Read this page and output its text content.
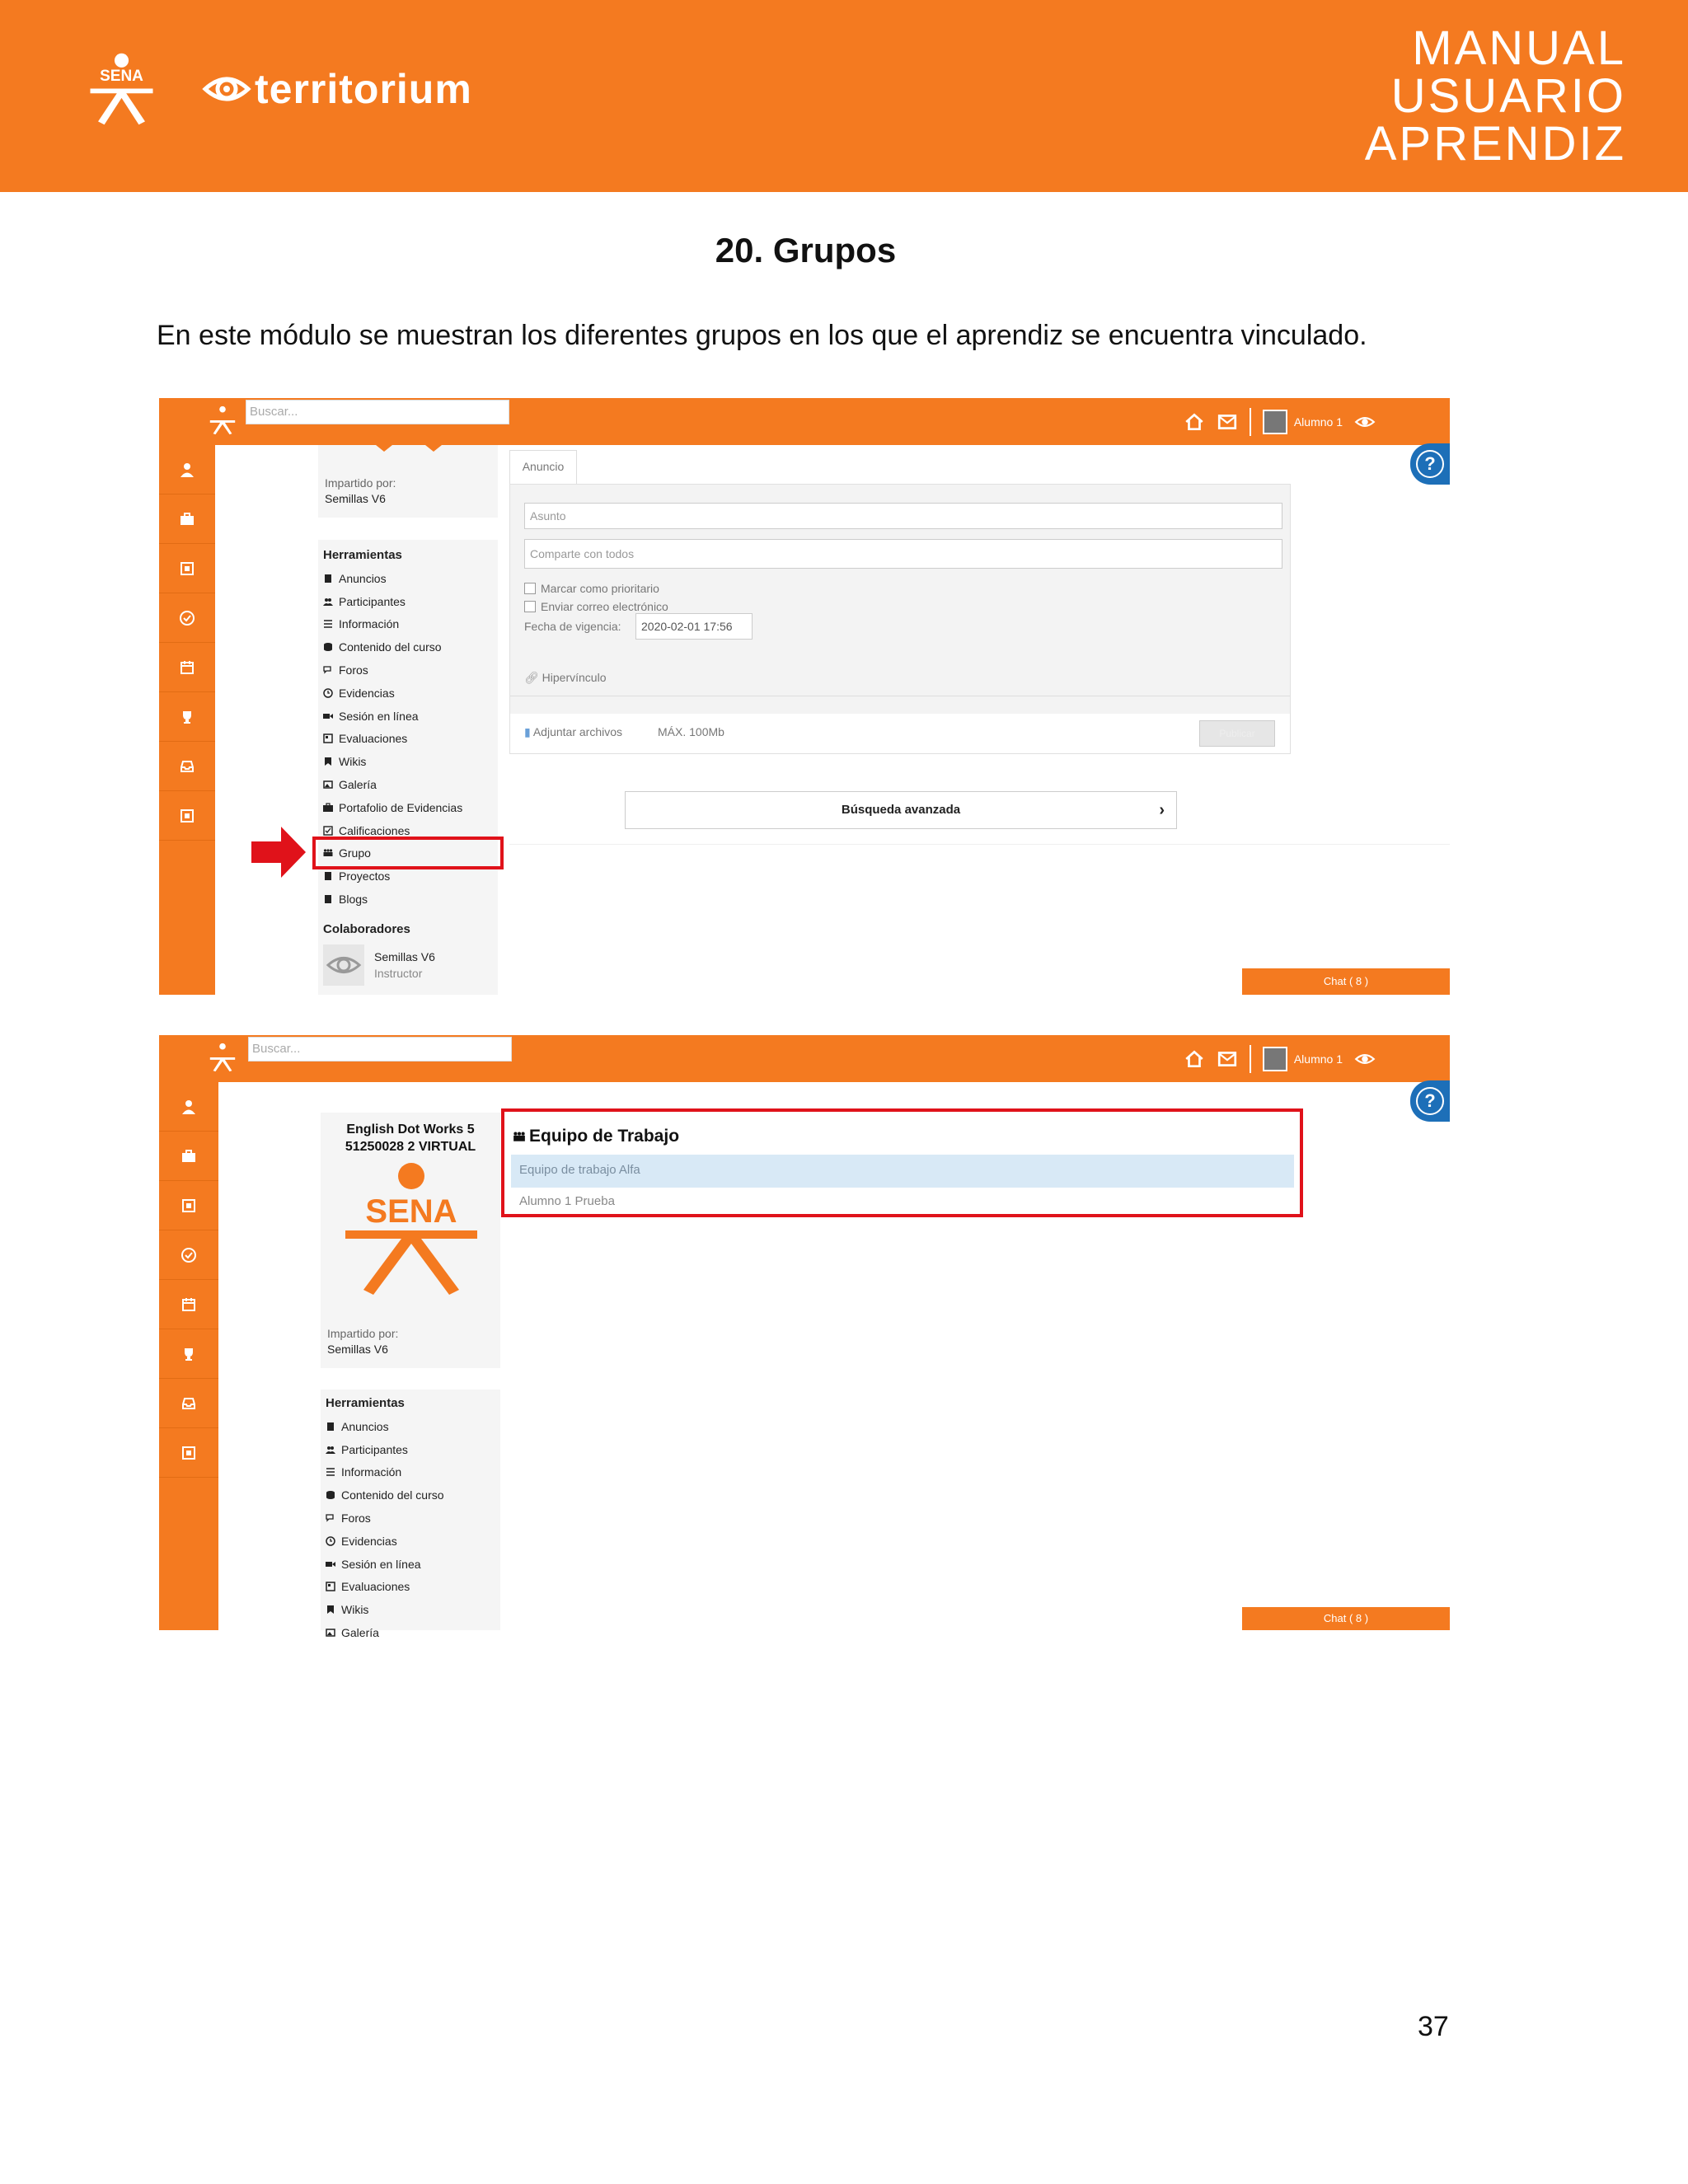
SENA	territorium
MANUAL
USUARIO
APRENDIZ
20. Grupos
En este módulo se muestran los diferentes grupos en los que el aprendiz se encuentra vinculado.
Buscar...
Alumno 1
Impartido por:
Semillas V6
Herramientas
Anuncios
Participantes
Información
Contenido del curso
Foros
Evidencias
Sesión en línea
Evaluaciones
Wikis
Galería
Portafolio de Evidencias
Calificaciones
Grupo
Proyectos
Blogs
Colaboradores
Semillas V6
Instructor
Anuncio
Asunto
Comparte con todos
Marcar como prioritario
Enviar correo electrónico
Fecha de vigencia:	2020-02-01 17:56
🔗︎ Hipervínculo
▮ Adjuntar archivos	MÁX. 100Mb	Publicar
Búsqueda avanzada	›
?
Chat ( 8 )
Buscar...
Alumno 1
English Dot Works 5
51250028 2 VIRTUAL
SENA
Impartido por:
Semillas V6
Herramientas
Anuncios
Participantes
Información
Contenido del curso
Foros
Evidencias
Sesión en línea
Evaluaciones
Wikis
Galería
Equipo de Trabajo
Equipo de trabajo Alfa
Alumno 1 Prueba
?
Chat ( 8 )
37
